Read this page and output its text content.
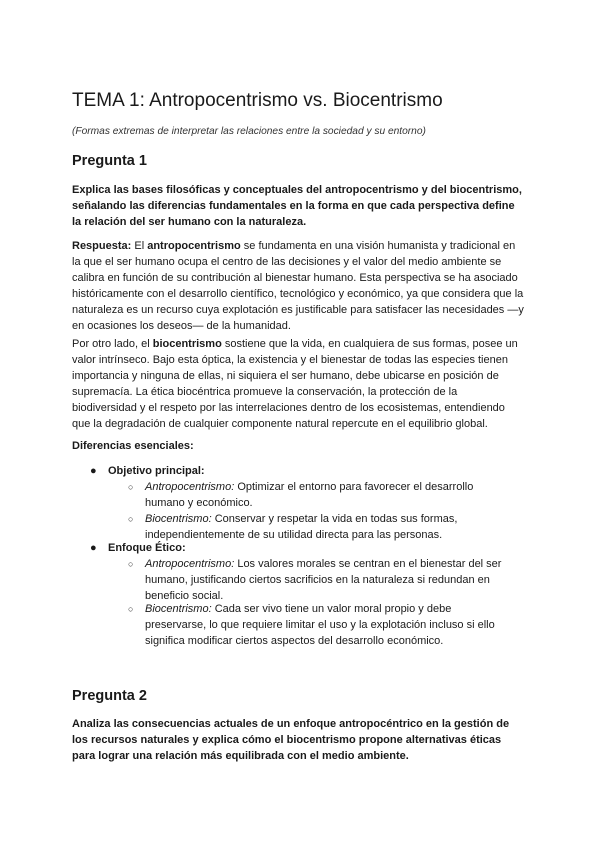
TEMA 1: Antropocentrismo vs. Biocentrismo
(Formas extremas de interpretar las relaciones entre la sociedad y su entorno)
Pregunta 1
Explica las bases filosóficas y conceptuales del antropocentrismo y del biocentrismo, señalando las diferencias fundamentales en la forma en que cada perspectiva define la relación del ser humano con la naturaleza.
Respuesta: El antropocentrismo se fundamenta en una visión humanista y tradicional en la que el ser humano ocupa el centro de las decisiones y el valor del medio ambiente se calibra en función de su contribución al bienestar humano. Esta perspectiva se ha asociado históricamente con el desarrollo científico, tecnológico y económico, ya que considera que la naturaleza es un recurso cuya explotación es justificable para satisfacer las necesidades —y en ocasiones los deseos— de la humanidad.
Por otro lado, el biocentrismo sostiene que la vida, en cualquiera de sus formas, posee un valor intrínseco. Bajo esta óptica, la existencia y el bienestar de todas las especies tienen importancia y ninguna de ellas, ni siquiera el ser humano, debe ubicarse en posición de supremacía. La ética biocéntrica promueve la conservación, la protección de la biodiversidad y el respeto por las interrelaciones dentro de los ecosistemas, entendiendo que la degradación de cualquier componente natural repercute en el equilibrio global.
Diferencias esenciales:
● Objetivo principal:
○ Antropocentrismo: Optimizar el entorno para favorecer el desarrollo humano y económico.
○ Biocentrismo: Conservar y respetar la vida en todas sus formas, independientemente de su utilidad directa para las personas.
● Enfoque Ético:
○ Antropocentrismo: Los valores morales se centran en el bienestar del ser humano, justificando ciertos sacrificios en la naturaleza si redundan en beneficio social.
○ Biocentrismo: Cada ser vivo tiene un valor moral propio y debe preservarse, lo que requiere limitar el uso y la explotación incluso si ello significa modificar ciertos aspectos del desarrollo económico.
Pregunta 2
Analiza las consecuencias actuales de un enfoque antropocéntrico en la gestión de los recursos naturales y explica cómo el biocentrismo propone alternativas éticas para lograr una relación más equilibrada con el medio ambiente.
